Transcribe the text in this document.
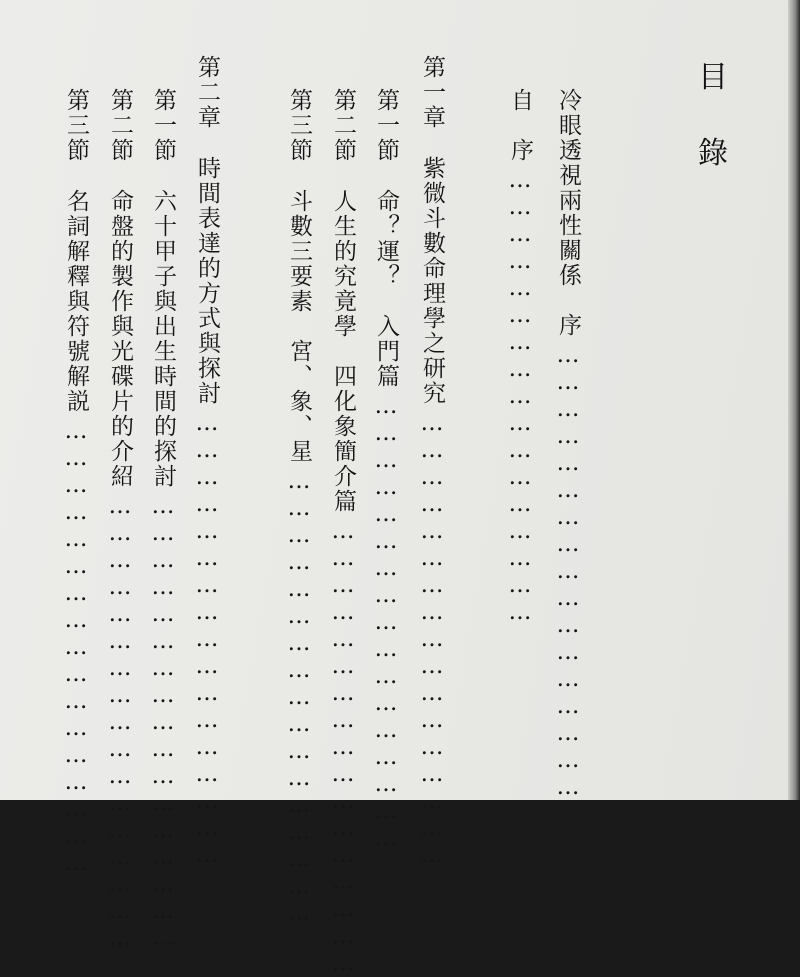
目
錄
冷眼透視兩性關係　序……………………………………………
自　序……………………………………………
第一章紫微斗數命理學之研究……………………………………………
第一節命？運？　入門篇……………………………………………
第二節人生的究竟學　四化象簡介篇……………………………………………
第三節斗數三要素　宮、象、星……………………………………………
第二章時間表達的方式與探討……………………………………………
第一節六十甲子與出生時間的探討……………………………………………
第二節命盤的製作與光碟片的介紹……………………………………………
第三節名詞解釋與符號解説……………………………………………
